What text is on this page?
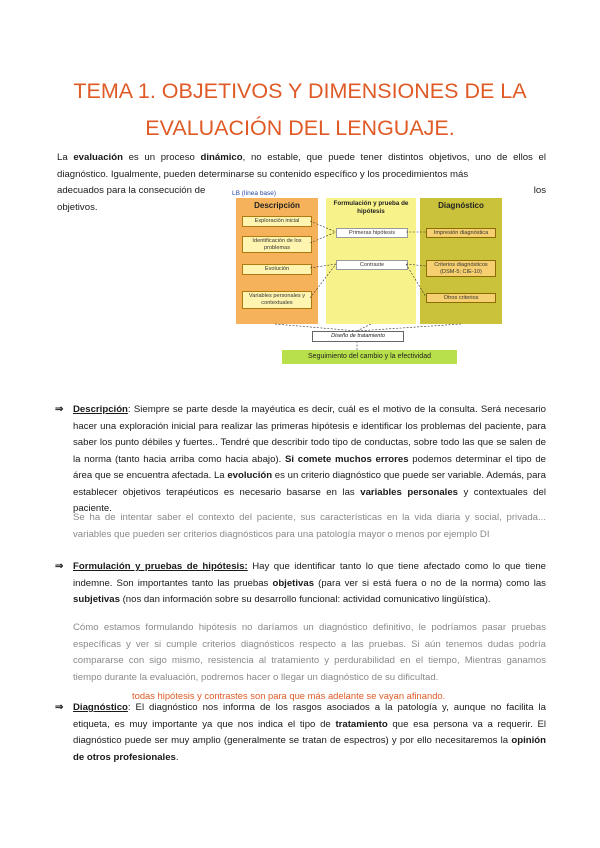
TEMA 1. OBJETIVOS Y DIMENSIONES DE LA
EVALUACIÓN DEL LENGUAJE.
La evaluación es un proceso dinámico, no estable, que puede tener distintos objetivos, uno de ellos el diagnóstico. Igualmente, pueden determinarse su contenido específico y los procedimientos más
adecuados para la consecución de	los
objetivos.
LB (línea base)
Descripción
Exploración inicial
Identificación de los problemas
Evolución
Variables personales y contextuales
Formulación y prueba de hipótesis
Primeras hipótesis
Contraste
Diagnóstico
Impresión diagnóstica
Criterios diagnósticos (DSM-5; CIE-10)
Otros criterios
Diseño de tratamiento
Seguimiento del cambio y la efectividad
⇒ Descripción: Siempre se parte desde la mayéutica es decir, cuál es el motivo de la consulta. Será necesario hacer una exploración inicial para realizar las primeras hipótesis e identificar los problemas del paciente, para saber los punto débiles y fuertes.. Tendré que describir todo tipo de conductas, sobre todo las que se salen de la norma (tanto hacia arriba como hacia abajo). Si comete muchos errores podemos determinar el tipo de área que se encuentra afectada. La evolución es un criterio diagnóstico que puede ser variable. Además, para establecer objetivos terapéuticos es necesario basarse en las variables personales y contextuales del paciente.
Se ha de intentar saber el contexto del paciente, sus características en la vida diaria y social, privada... variables que pueden ser criterios diagnósticos para una patología mayor o menos por ejemplo DI
⇒ Formulación y pruebas de hipótesis: Hay que identificar tanto lo que tiene afectado como lo que tiene indemne. Son importantes tanto las pruebas objetivas (para ver si está fuera o no de la norma) como las subjetivas (nos dan información sobre su desarrollo funcional: actividad comunicativo lingüística).
Cómo estamos formulando hipótesis no daríamos un diagnóstico definitivo, le podríamos pasar pruebas específicas y ver si cumple criterios diagnósticos respecto a las pruebas. Si aún tenemos dudas podría compararse con sigo mismo, resistencia al tratamiento y perdurabilidad en el tiempo, Mientras ganamos tiempo durante la evaluación, podremos hacer o llegar un diagnóstico de su dificultad.
todas hipótesis y contrastes son para que más adelante se vayan afinando.
⇒ Diagnóstico: El diagnóstico nos informa de los rasgos asociados a la patología y, aunque no facilita la etiqueta, es muy importante ya que nos indica el tipo de tratamiento que esa persona va a requerir. El diagnóstico puede ser muy amplio (generalmente se tratan de espectros) y por ello necesitaremos la opinión de otros profesionales.
